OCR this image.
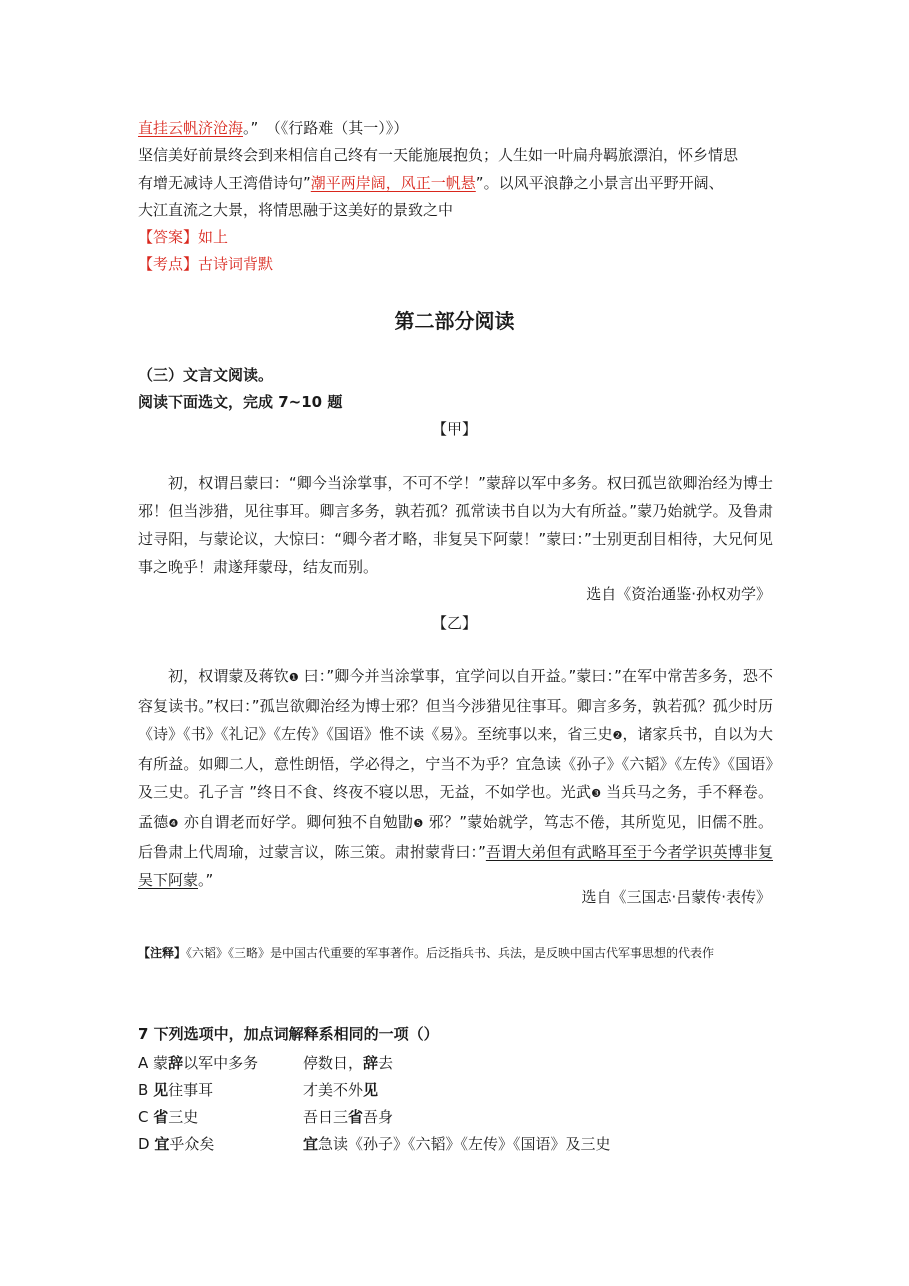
直挂云帆济沧海。”　（《行路难（其一）》）
坚信美好前景终会到来相信自己终有一天能施展抱负；人生如一叶扁舟羁旅漂泊，怀乡情思
有增无减诗人王湾借诗句”潮平两岸阔，风正一帆悬”。以风平浪静之小景言出平野开阔、
大江直流之大景，将情思融于这美好的景致之中
【答案】如上
【考点】古诗词背默
第二部分阅读
（三）文言文阅读。
阅读下面选文，完成 7~10 题
【甲】
初，权谓吕蒙曰：“卿今当涂掌事，不可不学！”蒙辞以军中多务。权曰孤岂欲卿治经为博士邪！但当涉猎，见往事耳。卿言多务，孰若孤？孤常读书自以为大有所益。”蒙乃始就学。及鲁肃过寻阳，与蒙论议，大惊曰：“卿今者才略，非复吴下阿蒙！”蒙曰：”士别更刮目相待，大兄何见事之晚乎！肃遂拜蒙母，结友而别。
选自《资治通鉴·孙权劝学》
【乙】
初，权谓蒙及蒋钦❶ 曰：”卿今并当涂掌事，宜学问以自开益。”蒙曰：”在军中常苦多务，恐不容复读书。”权曰：”孤岂欲卿治经为博士邪？但当今涉猎见往事耳。卿言多务，孰若孤？孤少时历《诗》《书》《礼记》《左传》《国语》惟不读《易》。至统事以来，省三史❷，诸家兵书，自以为大有所益。如卿二人，意性朗悟，学必得之，宁当不为乎？宜急读《孙子》《六韬》《左传》《国语》及三史。孔子言 ”终日不食、终夜不寝以思，无益，不如学也。光武❸ 当兵马之务，手不释卷。孟德❹ 亦自谓老而好学。卿何独不自勉勖❺ 邪？”蒙始就学，笃志不倦，其所览见，旧儒不胜。后鲁肃上代周瑜，过蒙言议，陈三策。肃拊蒙背曰：”吾谓大弟但有武略耳至于今者学识英博非复吴下阿蒙。”
选自《三国志·吕蒙传·表传》
【注释】《六韬》《三略》是中国古代重要的军事著作。后泛指兵书、兵法，是反映中国古代军事思想的代表作
7 下列选项中，加点词解释系相同的一项（）
A 蒙辞以军中多务	停数日，辞去
B 见往事耳	才美不外见
C 省三史	吾日三省吾身
D 宜乎众矣	宜急读《孙子》《六韬》《左传》《国语》及三史
